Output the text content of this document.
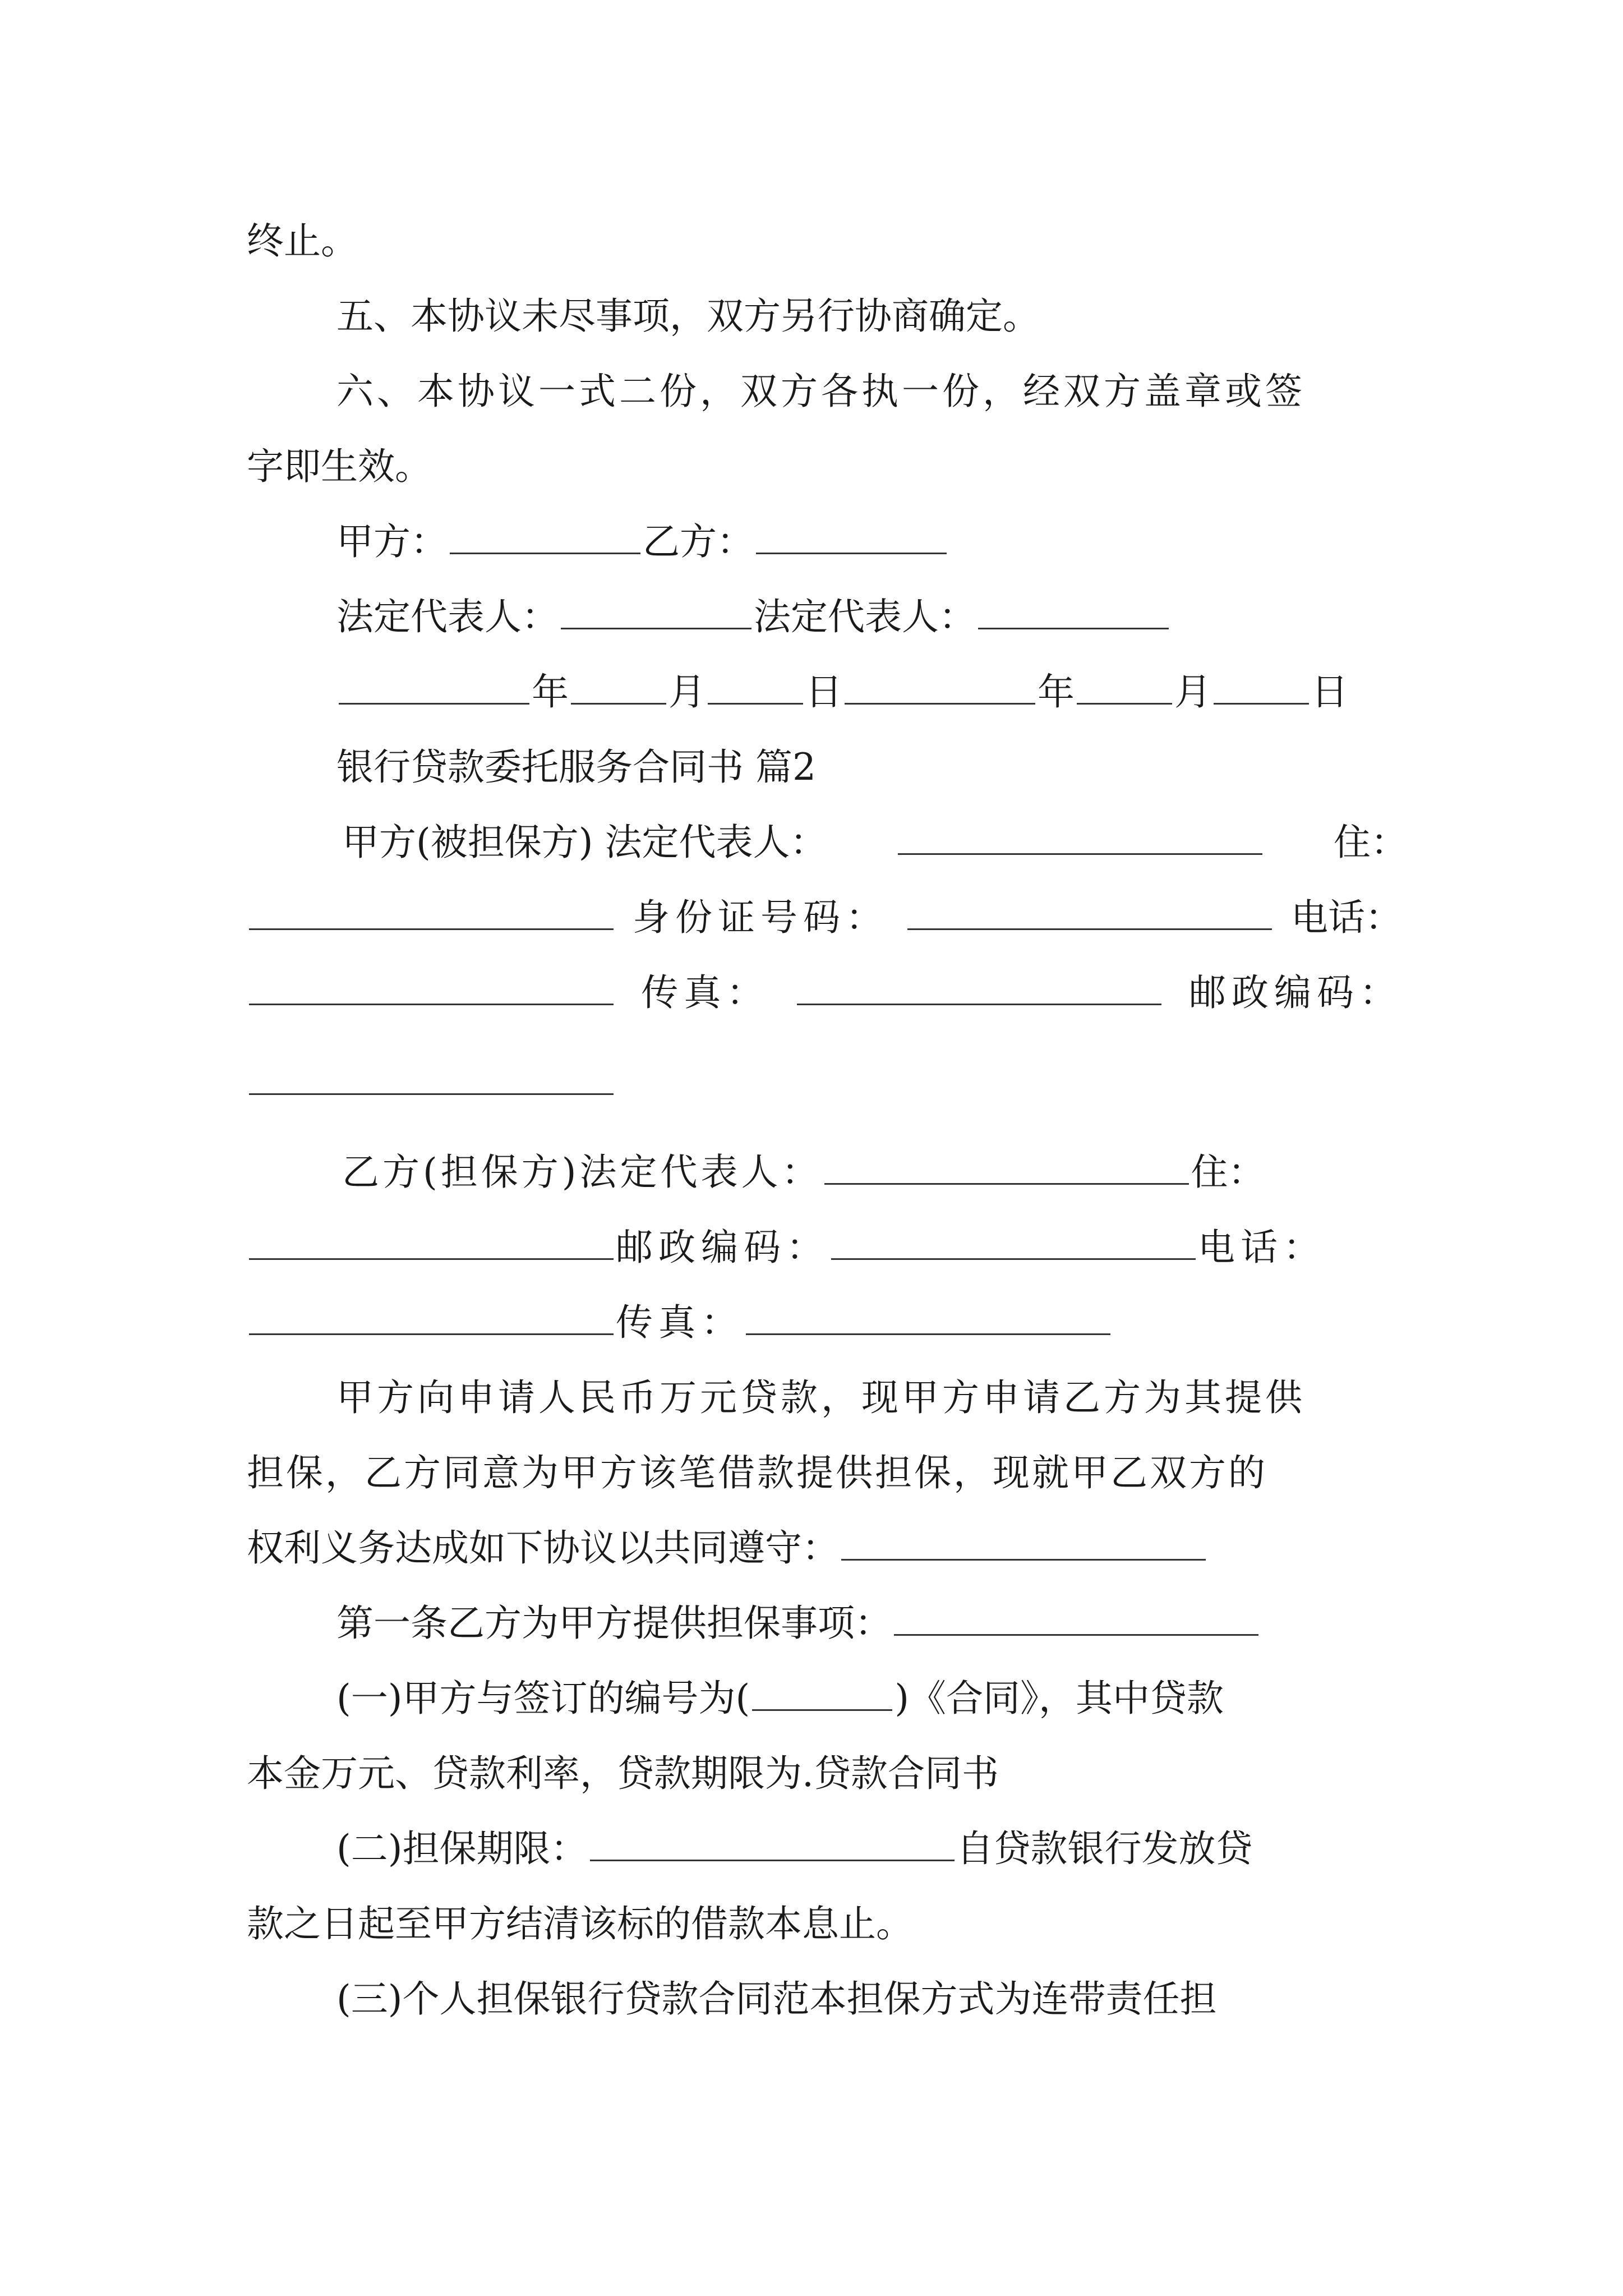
终止。
五、本协议未尽事项，双方另行协商确定。
六、本协议一式二份，双方各执一份，经双方盖章或签
字即生效。
甲方：	乙方：
法定代表人：	法定代表人：
年	月	日	年	月	日
银行贷款委托服务合同书 篇2
甲方(被担保方) 法定代表人：	住：
身份证号码：	电话：
传真：	邮政编码：
乙方(担保方)法定代表人：	住：
邮政编码：	电话：
传真：
甲方向申请人民币万元贷款，现甲方申请乙方为其提供
担保，乙方同意为甲方该笔借款提供担保，现就甲乙双方的
权利义务达成如下协议以共同遵守：
第一条乙方为甲方提供担保事项：
(一)甲方与签订的编号为(	)《合同》，其中贷款
本金万元、贷款利率，贷款期限为.贷款合同书
(二)担保期限：	自贷款银行发放贷
款之日起至甲方结清该标的借款本息止。
(三)个人担保银行贷款合同范本担保方式为连带责任担
